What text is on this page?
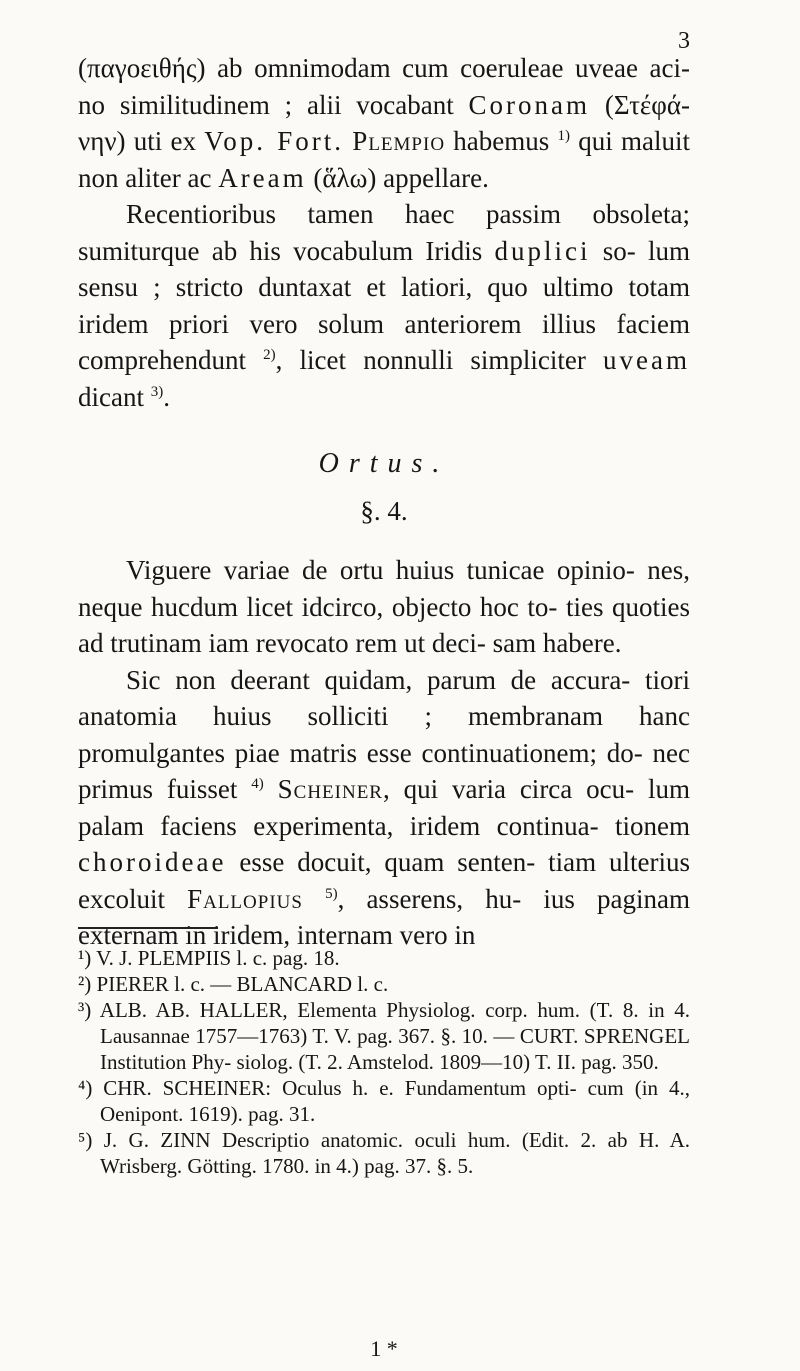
3

(παγοειθής) ab omnimodam cum coeruleae uveae aci- no similitudinem ; alii vocabant Coronam (Στέφά- νην) uti ex Vop. Fort. Plempio habemus $^{1)}$ qui maluit non aliter ac Aream (ἅλω) appellare.

Recentioribus tamen haec passim obsoleta; sumiturque ab his vocabulum Iridis duplici so- lum sensu ; stricto duntaxat et latiori, quo ultimo totam iridem priori vero solum anteriorem illius faciem comprehendunt $^{2)}$, licet nonnulli simpliciter uveam dicant $^{3)}$.

Ortus.
§. 4.

Viguere variae de ortu huius tunicae opinio- nes, neque hucdum licet idcirco, objecto hoc to- ties quoties ad trutinam iam revocato rem ut deci- sam habere.

Sic non deerant quidam, parum de accura- tiori anatomia huius solliciti ; membranam hanc promulgantes piae matris esse continuationem; do- nec primus fuisset $^{4)}$ Scheiner, qui varia circa ocu- lum palam faciens experimenta, iridem continua- tionem choroideae esse docuit, quam senten- tiam ulterius excoluit Fallopius $^{5)}$, asserens, hu- ius paginam externam in iridem, internam vero in

¹) V. J. PLEMPIIS l. c. pag. 18.

²) PIERER l. c. — BLANCARD l. c.

³) ALB. AB. HALLER, Elementa Physiolog. corp. hum. (T. 8. in 4. Lausannae 1757—1763) T. V. pag. 367. §. 10. — CURT. SPRENGEL Institution Phy- siolog. (T. 2. Amstelod. 1809—10) T. II. pag. 350.

⁴) CHR. SCHEINER: Oculus h. e. Fundamentum opti- cum (in 4., Oenipont. 1619). pag. 31.

⁵) J. G. ZINN Descriptio anatomic. oculi hum. (Edit. 2. ab H. A. Wrisberg. Götting. 1780. in 4.) pag. 37. §. 5.

1 *
